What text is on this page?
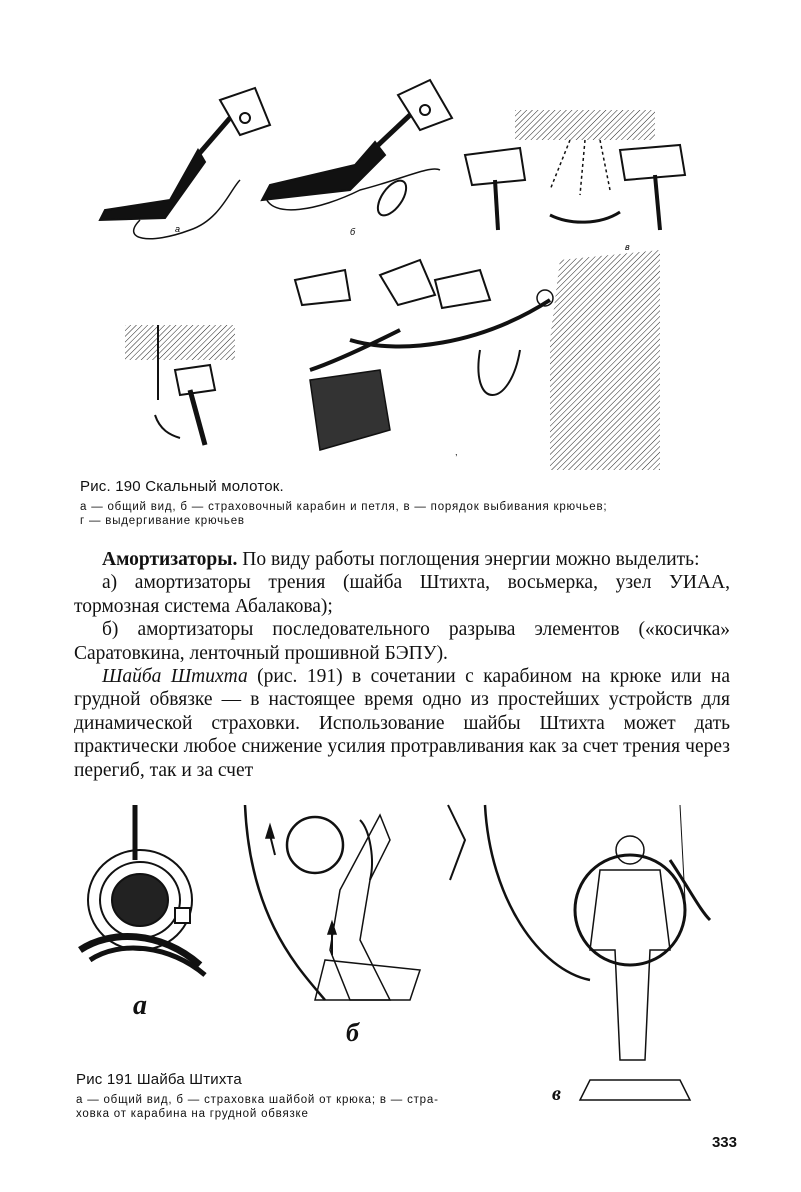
а	б
в
,
Рис. 190 Скальный молоток.
а — общий вид, б — страховочный карабин и петля, в — порядок выбивания крючьев;
г — выдергивание крючьев

Амортизаторы. По виду работы поглощения энергии можно выделить:

а) амортизаторы трения (шайба Штихта, восьмерка, узел УИАА, тормозная система Абалакова);

б) амортизаторы последовательного разрыва элементов («косичка» Саратовкина, ленточный прошивной БЭПУ).

Шайба Штихта (рис. 191) в сочетании с карабином на крюке или на грудной обвязке — в настоящее время одно из простейших устройств для динамической страховки. Использование шайбы Штихта может дать практически любое снижение усилия протравливания как за счет трения через перегиб, так и за счет

а
б
в
Рис 191 Шайба Штихта
а — общий вид, б — страховка шайбой от крюка; в — стра-
ховка от карабина на грудной обвязке
333
